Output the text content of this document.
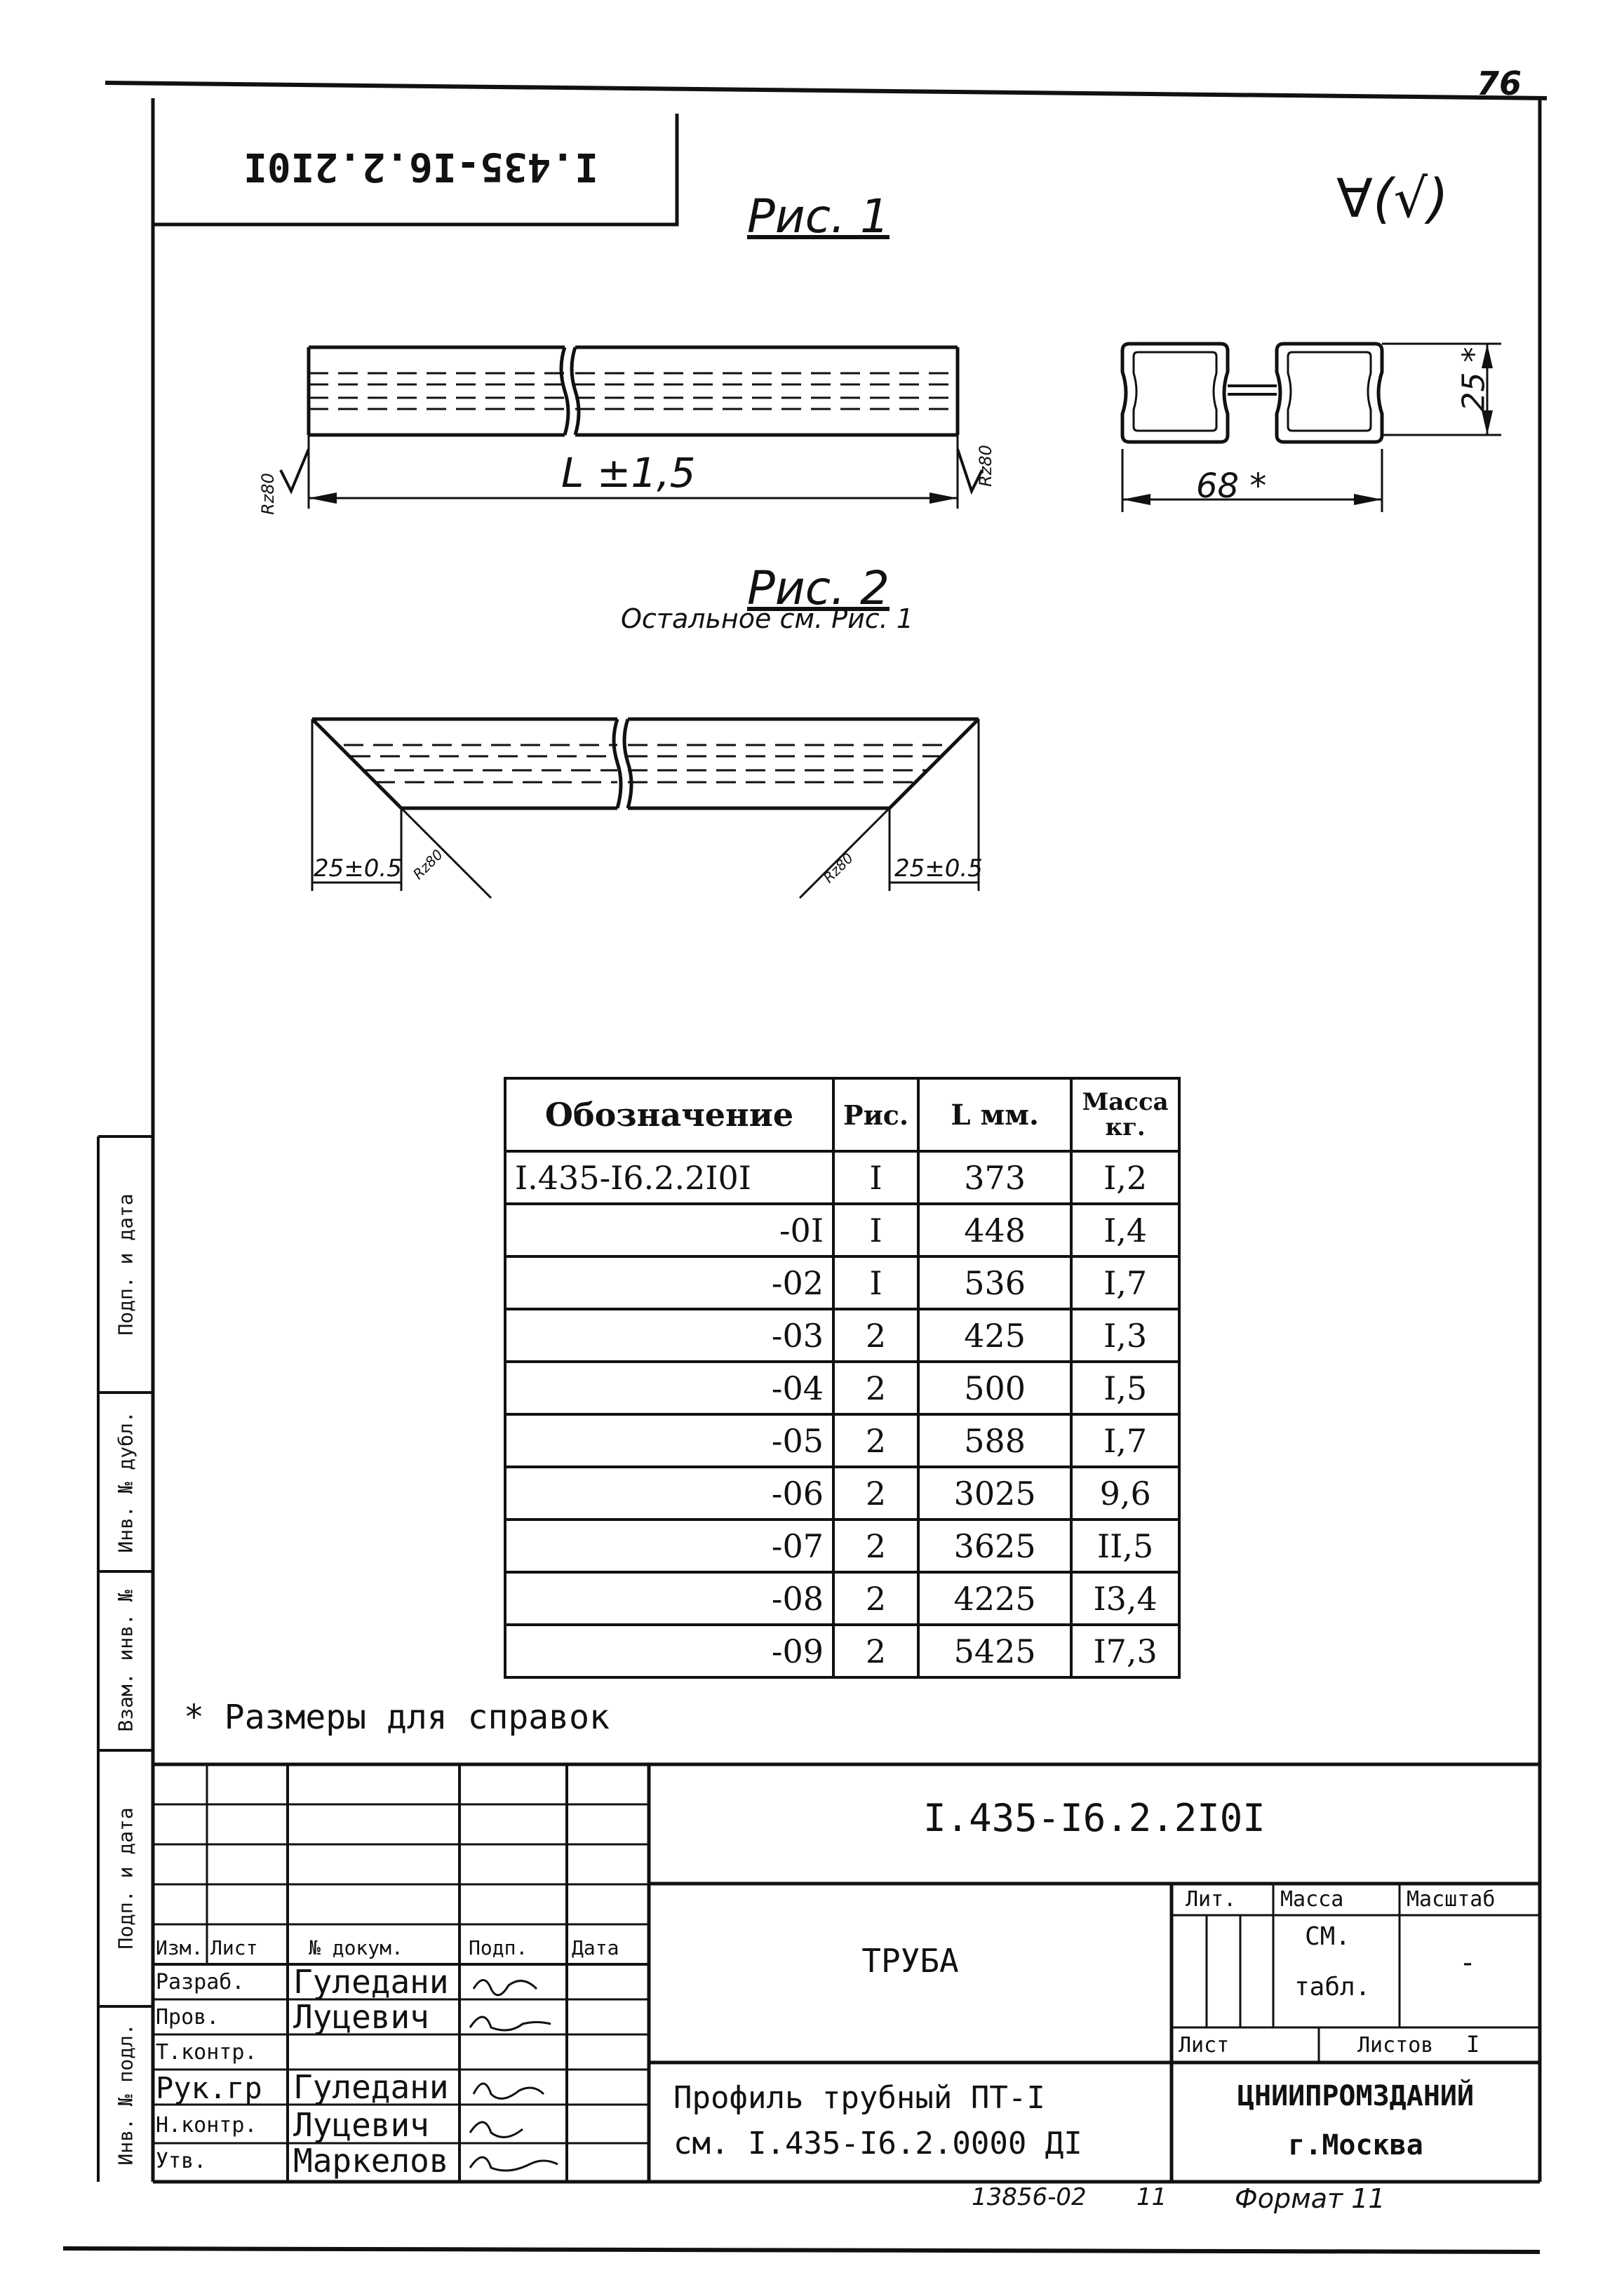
76
I.435-I6.2.2I0I
∀(√)
Подп. и дата
Инв. № дубл.
Взам. инв. №
Подп. и дата
Инв. № подл.
Рис. 1
L ±1,5
Rz80
Rz80	68 *
25 *
Рис. 2
Остальное см. Рис. 1
25±0.5	25±0.5
Rz80	Rz80
Обозначение	Рис.	L мм.	Масса кг.
I.435-I6.2.2I0I	I	373	I,2
-0I	I	448	I,4
-02	I	536	I,7
-03	2	425	I,3
-04	2	500	I,5
-05	2	588	I,7
-06	2	3025	9,6
-07	2	3625	II,5
-08	2	4225	I3,4
-09	2	5425	I7,3
* Размеры для справок
I.435-I6.2.2I0I
Изм. Лист	№ докум.	Подп. Дата
Разраб. Гуледани
Пров. Луцевич
Т.контр.
Рук.гр Гуледани
Н.контр. Луцевич
Утв.	Маркелов
ТРУБА
Профиль трубный ПТ-I
см. I.435-I6.2.0000 ДI
Лит. Масса	Масштаб
СМ.
табл.
-
Лист	Листов I
ЦНИИПРОМЗДАНИЙ
г.Москва
13856-02 11	Формат 11
